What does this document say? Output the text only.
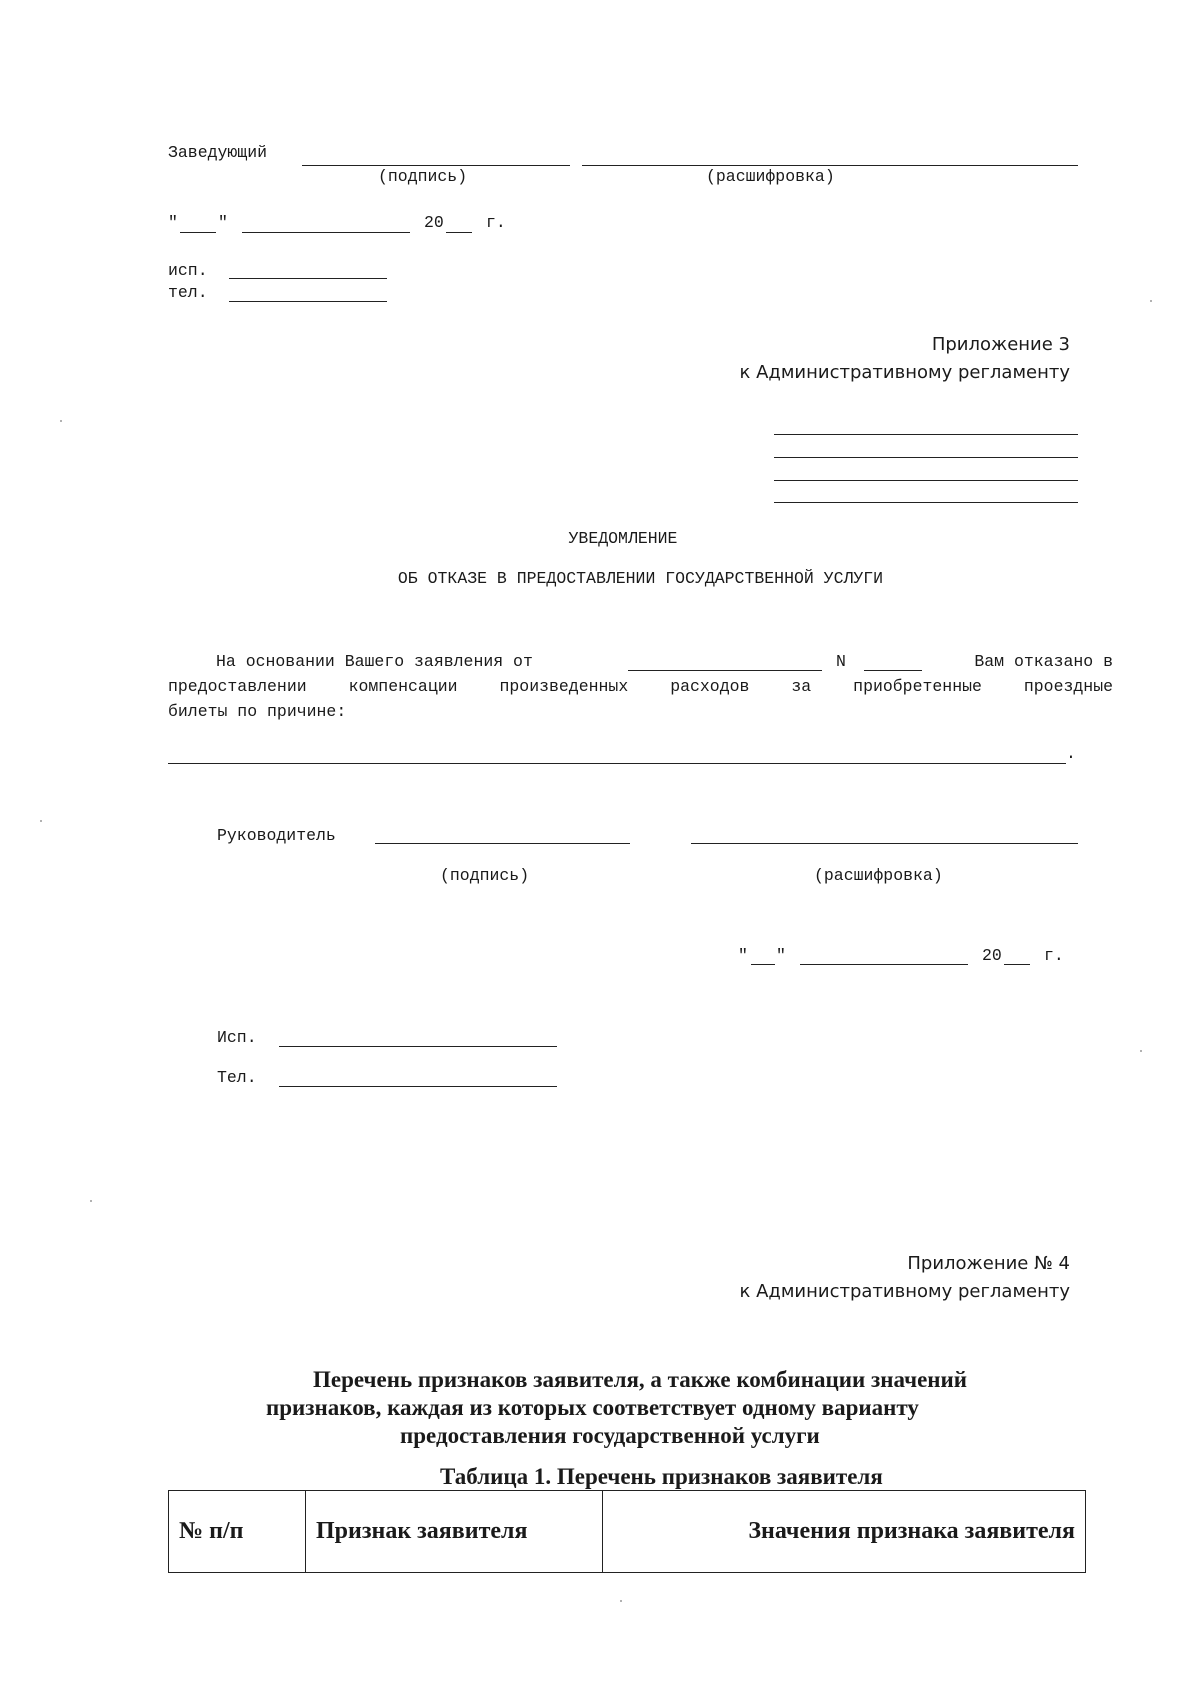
Заведующий
(подпись)	(расшифровка)
" "	20	г.
исп.
тел.
Приложение 3
к Административному регламенту
УВЕДОМЛЕНИЕ
ОБ ОТКАЗЕ В ПРЕДОСТАВЛЕНИИ ГОСУДАРСТВЕННОЙ УСЛУГИ
На основании Вашего заявления от	N	Вам отказано в
предоставлении компенсации произведенных расходов за приобретенные проездные
билеты по причине:
.
Руководитель
(подпись)	(расшифровка)
" "	20	г.
Исп.
Тел.
Приложение № 4
к Административному регламенту
Перечень признаков заявителя, а также комбинации значений
признаков, каждая из которых соответствует одному варианту
предоставления государственной услуги
Таблица 1. Перечень признаков заявителя
№ п/п	Признак заявителя	Значения признака заявителя
